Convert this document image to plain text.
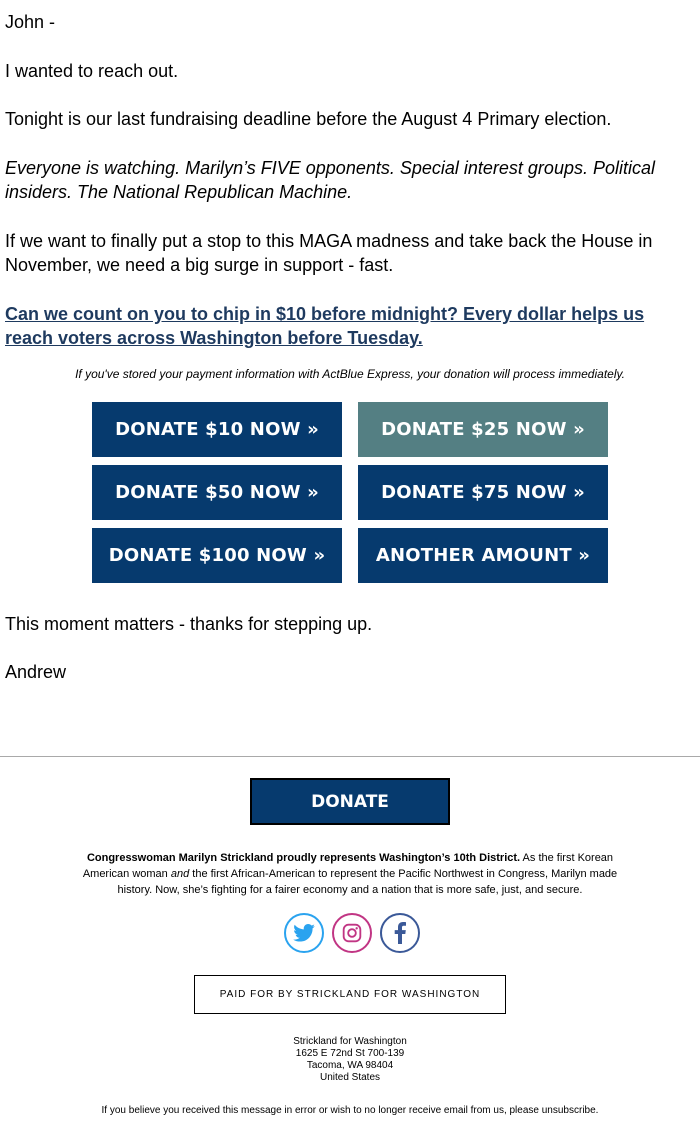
John -
I wanted to reach out.
Tonight is our last fundraising deadline before the August 4 Primary election.
Everyone is watching. Marilyn’s FIVE opponents. Special interest groups. Political insiders. The National Republican Machine.
If we want to finally put a stop to this MAGA madness and take back the House in November, we need a big surge in support - fast.
Can we count on you to chip in $10 before midnight? Every dollar helps us reach voters across Washington before Tuesday.
If you've stored your payment information with ActBlue Express, your donation will process immediately.
DONATE $10 NOW »	DONATE $25 NOW »
DONATE $50 NOW »	DONATE $75 NOW »
DONATE $100 NOW »	ANOTHER AMOUNT »
This moment matters - thanks for stepping up.
Andrew
DONATE
Congresswoman Marilyn Strickland proudly represents Washington’s 10th District. As the first Korean American woman and the first African-American to represent the Pacific Northwest in Congress, Marilyn made history. Now, she’s fighting for a fairer economy and a nation that is more safe, just, and secure.
PAID FOR BY STRICKLAND FOR WASHINGTON
Strickland for Washington
1625 E 72nd St 700-139
Tacoma, WA 98404
United States
If you believe you received this message in error or wish to no longer receive email from us, please unsubscribe.
